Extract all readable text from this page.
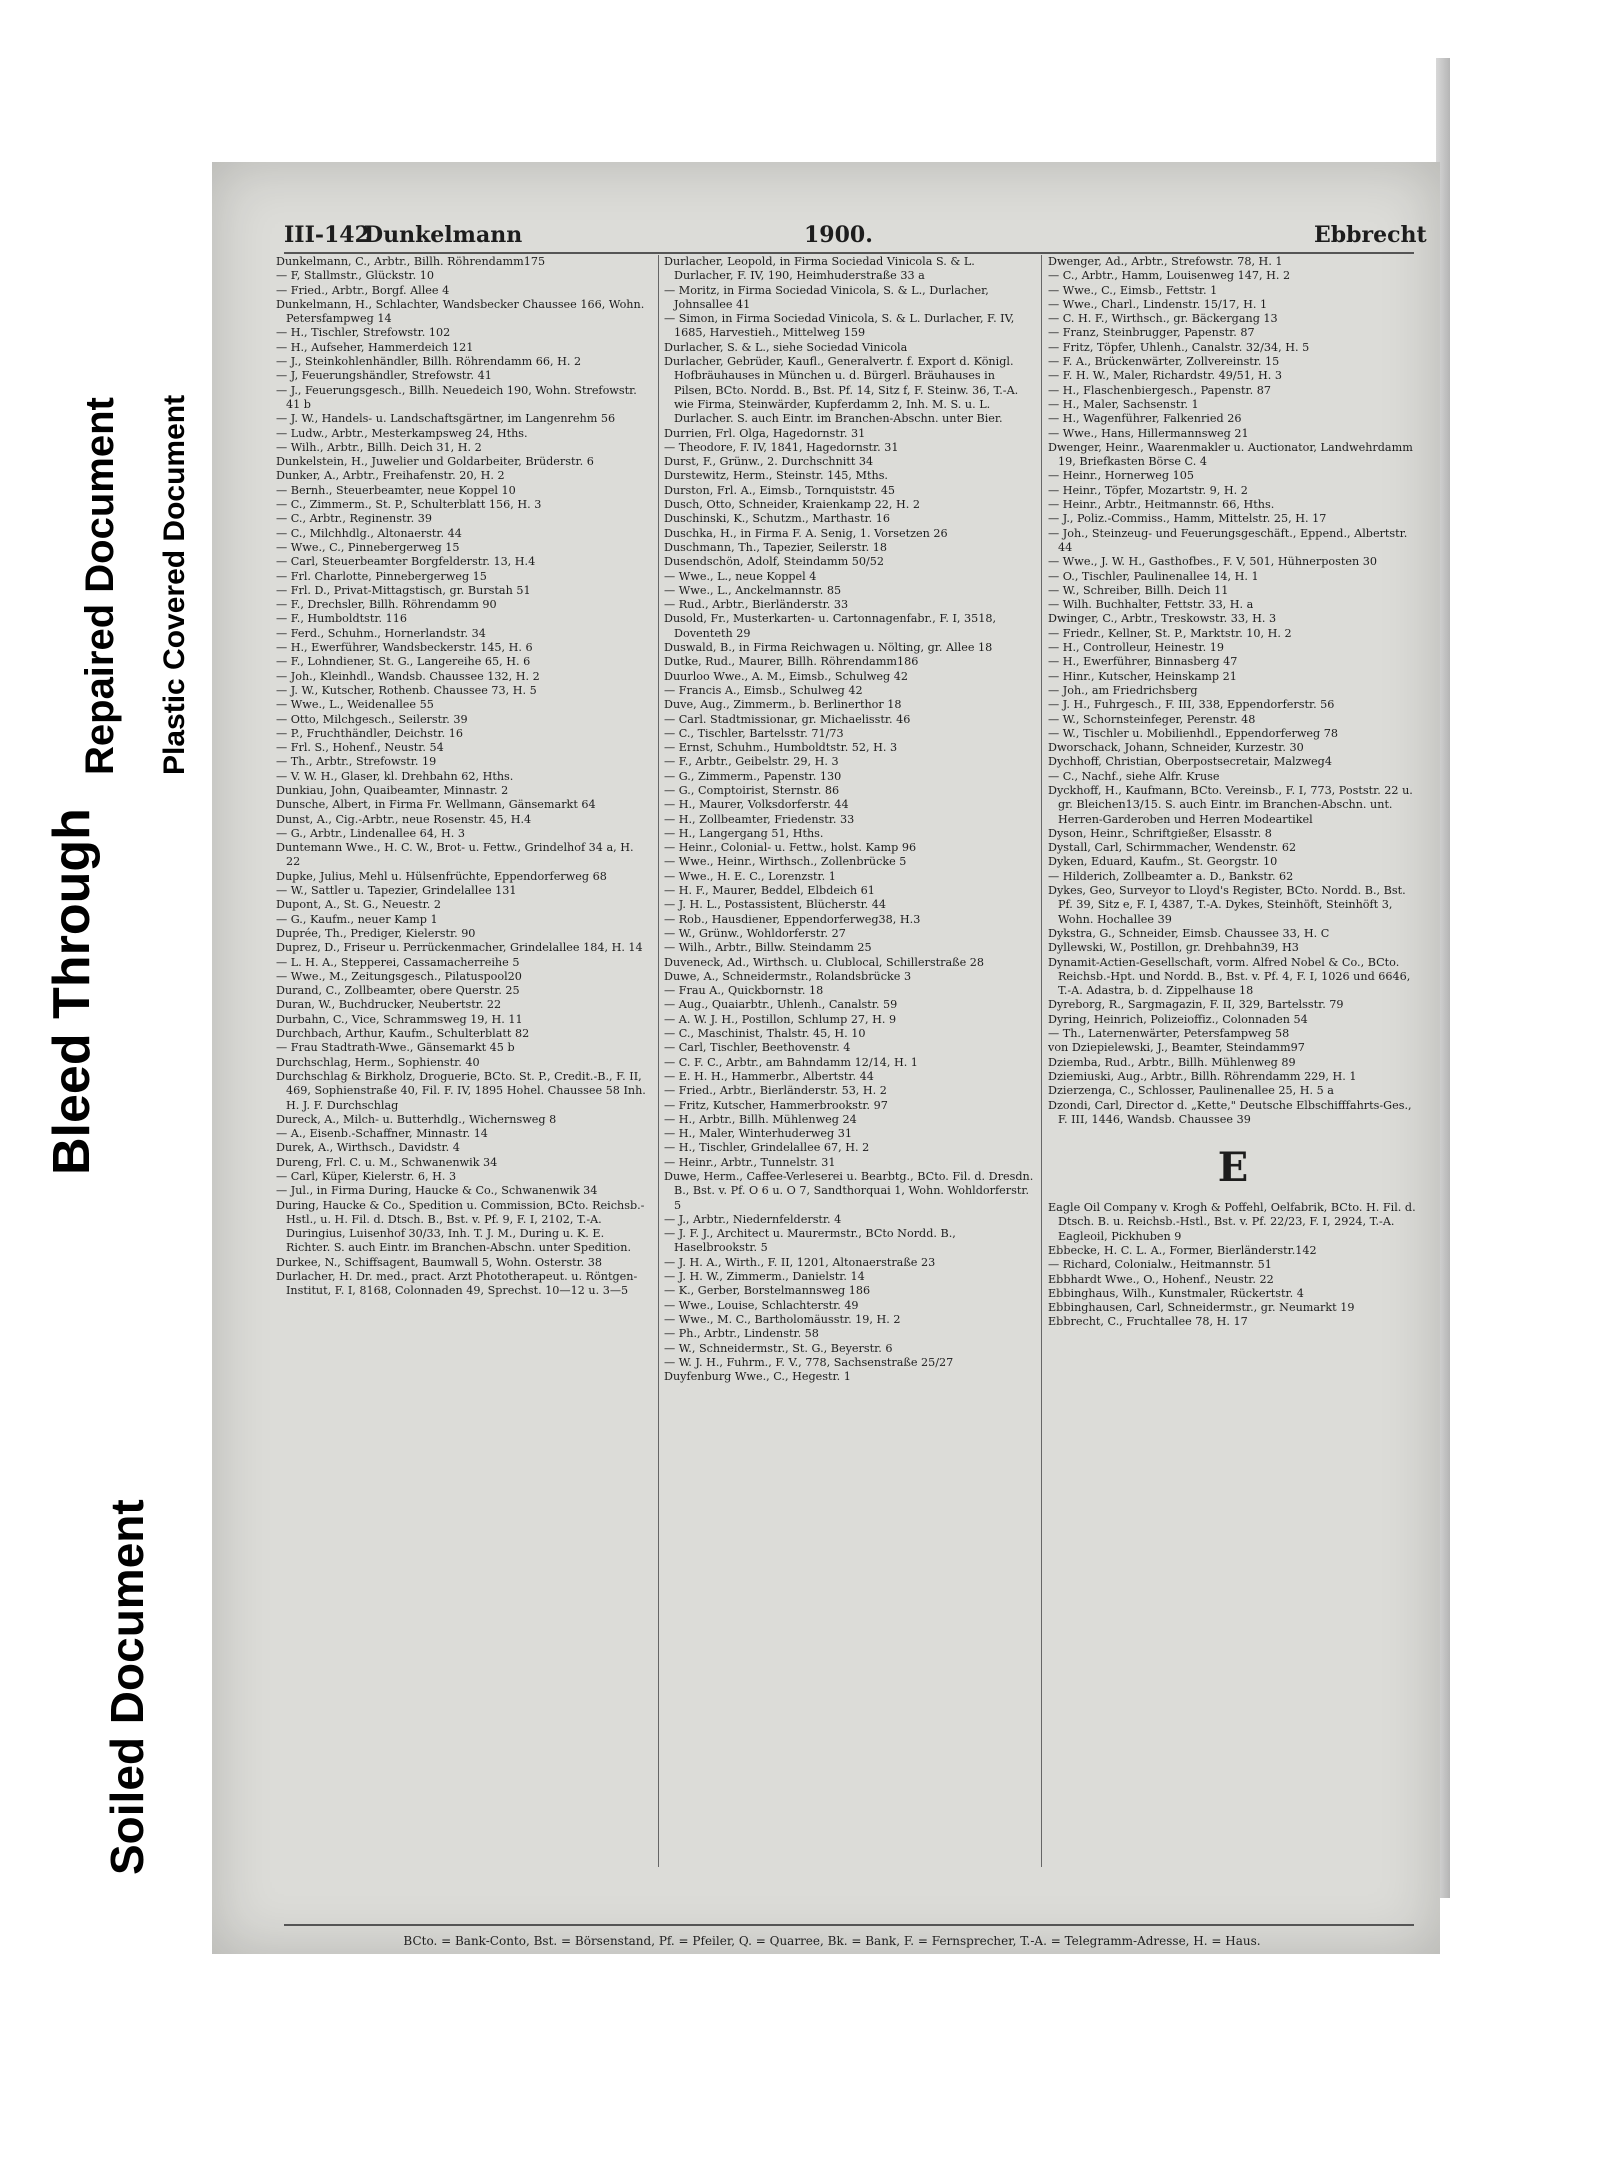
Bleed Through
Soiled Document
Repaired Document Plastic Covered Document
III-142
Dunkelmann	1900.	Ebbrecht
Dunkelmann, C., Arbtr., Billh. Röhrendamm175
— F, Stallmstr., Glückstr. 10
— Fried., Arbtr., Borgf. Allee 4
Dunkelmann, H., Schlachter, Wandsbecker Chaussee 166, Wohn. Petersfampweg 14
— H., Tischler, Strefowstr. 102
— H., Aufseher, Hammerdeich 121
— J., Steinkohlenhändler, Billh. Röhrendamm 66, H. 2
— J, Feuerungshändler, Strefowstr. 41
— J., Feuerungsgesch., Billh. Neuedeich 190, Wohn. Strefowstr. 41 b
— J. W., Handels- u. Landschaftsgärtner, im Langenrehm 56
— Ludw., Arbtr., Mesterkampsweg 24, Hths.
— Wilh., Arbtr., Billh. Deich 31, H. 2
Dunkelstein, H., Juwelier und Goldarbeiter, Brüderstr. 6
Dunker, A., Arbtr., Freihafenstr. 20, H. 2
— Bernh., Steuerbeamter, neue Koppel 10
— C., Zimmerm., St. P., Schulterblatt 156, H. 3
— C., Arbtr., Reginenstr. 39
— C., Milchhdlg., Altonaerstr. 44
— Wwe., C., Pinnebergerweg 15
— Carl, Steuerbeamter Borgfelderstr. 13, H.4
— Frl. Charlotte, Pinnebergerweg 15
— Frl. D., Privat-Mittagstisch, gr. Burstah 51
— F., Drechsler, Billh. Röhrendamm 90
— F., Humboldtstr. 116
— Ferd., Schuhm., Hornerlandstr. 34
— H., Ewerführer, Wandsbeckerstr. 145, H. 6
— F., Lohndiener, St. G., Langereihe 65, H. 6
— Joh., Kleinhdl., Wandsb. Chaussee 132, H. 2
— J. W., Kutscher, Rothenb. Chaussee 73, H. 5
— Wwe., L., Weidenallee 55
— Otto, Milchgesch., Seilerstr. 39
— P., Fruchthändler, Deichstr. 16
— Frl. S., Hohenf., Neustr. 54
— Th., Arbtr., Strefowstr. 19
— V. W. H., Glaser, kl. Drehbahn 62, Hths.
Dunkiau, John, Quaibeamter, Minnastr. 2
Dunsche, Albert, in Firma Fr. Wellmann, Gänsemarkt 64
Dunst, A., Cig.-Arbtr., neue Rosenstr. 45, H.4
— G., Arbtr., Lindenallee 64, H. 3
Duntemann Wwe., H. C. W., Brot- u. Fettw., Grindelhof 34 a, H. 22
Dupke, Julius, Mehl u. Hülsenfrüchte, Eppendorferweg 68
— W., Sattler u. Tapezier, Grindelallee 131
Dupont, A., St. G., Neuestr. 2
— G., Kaufm., neuer Kamp 1
Duprée, Th., Prediger, Kielerstr. 90
Duprez, D., Friseur u. Perrückenmacher, Grindelallee 184, H. 14
— L. H. A., Stepperei, Cassamacherreihe 5
— Wwe., M., Zeitungsgesch., Pilatuspool20
Durand, C., Zollbeamter, obere Querstr. 25
Duran, W., Buchdrucker, Neubertstr. 22
Durbahn, C., Vice, Schrammsweg 19, H. 11
Durchbach, Arthur, Kaufm., Schulterblatt 82
— Frau Stadtrath-Wwe., Gänsemarkt 45 b
Durchschlag, Herm., Sophienstr. 40
Durchschlag & Birkholz, Droguerie, BCto. St. P., Credit.-B., F. II, 469, Sophienstraße 40, Fil. F. IV, 1895 Hohel. Chaussee 58 Inh. H. J. F. Durchschlag
Dureck, A., Milch- u. Butterhdlg., Wichernsweg 8
— A., Eisenb.-Schaffner, Minnastr. 14
Durek, A., Wirthsch., Davidstr. 4
Dureng, Frl. C. u. M., Schwanenwik 34
— Carl, Küper, Kielerstr. 6, H. 3
— Jul., in Firma During, Haucke & Co., Schwanenwik 34
During, Haucke & Co., Spedition u. Commission, BCto. Reichsb.-Hstl., u. H. Fil. d. Dtsch. B., Bst. v. Pf. 9, F. I, 2102, T.-A. Duringius, Luisenhof 30/33, Inh. T. J. M., During u. K. E. Richter. S. auch Eintr. im Branchen-Abschn. unter Spedition.
Durkee, N., Schiffsagent, Baumwall 5, Wohn. Osterstr. 38
Durlacher, H. Dr. med., pract. Arzt Phototherapeut. u. Röntgen-Institut, F. I, 8168, Colonnaden 49, Sprechst. 10—12 u. 3—5
Durlacher, Leopold, in Firma Sociedad Vinicola S. & L. Durlacher, F. IV, 190, Heimhuderstraße 33 a
— Moritz, in Firma Sociedad Vinicola, S. & L., Durlacher, Johnsallee 41
— Simon, in Firma Sociedad Vinicola, S. & L. Durlacher, F. IV, 1685, Harvestieh., Mittelweg 159
Durlacher, S. & L., siehe Sociedad Vinicola
Durlacher, Gebrüder, Kaufl., Generalvertr. f. Export d. Königl. Hofbräuhauses in München u. d. Bürgerl. Bräuhauses in Pilsen, BCto. Nordd. B., Bst. Pf. 14, Sitz f, F. Steinw. 36, T.-A. wie Firma, Steinwärder, Kupferdamm 2, Inh. M. S. u. L. Durlacher. S. auch Eintr. im Branchen-Abschn. unter Bier.
Durrien, Frl. Olga, Hagedornstr. 31
— Theodore, F. IV, 1841, Hagedornstr. 31
Durst, F., Grünw., 2. Durchschnitt 34
Durstewitz, Herm., Steinstr. 145, Mths.
Durston, Frl. A., Eimsb., Tornquiststr. 45
Dusch, Otto, Schneider, Kraienkamp 22, H. 2
Duschinski, K., Schutzm., Marthastr. 16
Duschka, H., in Firma F. A. Senig, 1. Vorsetzen 26
Duschmann, Th., Tapezier, Seilerstr. 18
Dusendschön, Adolf, Steindamm 50/52
— Wwe., L., neue Koppel 4
— Wwe., L., Anckelmannstr. 85
— Rud., Arbtr., Bierländerstr. 33
Dusold, Fr., Musterkarten- u. Cartonnagenfabr., F. I, 3518, Doventeth 29
Duswald, B., in Firma Reichwagen u. Nölting, gr. Allee 18
Dutke, Rud., Maurer, Billh. Röhrendamm186
Duurloo Wwe., A. M., Eimsb., Schulweg 42
— Francis A., Eimsb., Schulweg 42
Duve, Aug., Zimmerm., b. Berlinerthor 18
— Carl. Stadtmissionar, gr. Michaelisstr. 46
— C., Tischler, Bartelsstr. 71/73
— Ernst, Schuhm., Humboldtstr. 52, H. 3
— F., Arbtr., Geibelstr. 29, H. 3
— G., Zimmerm., Papenstr. 130
— G., Comptoirist, Sternstr. 86
— H., Maurer, Volksdorferstr. 44
— H., Zollbeamter, Friedenstr. 33
— H., Langergang 51, Hths.
— Heinr., Colonial- u. Fettw., holst. Kamp 96
— Wwe., Heinr., Wirthsch., Zollenbrücke 5
— Wwe., H. E. C., Lorenzstr. 1
— H. F., Maurer, Beddel, Elbdeich 61
— J. H. L., Postassistent, Blücherstr. 44
— Rob., Hausdiener, Eppendorferweg38, H.3
— W., Grünw., Wohldorferstr. 27
— Wilh., Arbtr., Billw. Steindamm 25
Duveneck, Ad., Wirthsch. u. Clublocal, Schillerstraße 28
Duwe, A., Schneidermstr., Rolandsbrücke 3
— Frau A., Quickbornstr. 18
— Aug., Quaiarbtr., Uhlenh., Canalstr. 59
— A. W. J. H., Postillon, Schlump 27, H. 9
— C., Maschinist, Thalstr. 45, H. 10
— Carl, Tischler, Beethovenstr. 4
— C. F. C., Arbtr., am Bahndamm 12/14, H. 1
— E. H. H., Hammerbr., Albertstr. 44
— Fried., Arbtr., Bierländerstr. 53, H. 2
— Fritz, Kutscher, Hammerbrookstr. 97
— H., Arbtr., Billh. Mühlenweg 24
— H., Maler, Winterhuderweg 31
— H., Tischler, Grindelallee 67, H. 2
— Heinr., Arbtr., Tunnelstr. 31
Duwe, Herm., Caffee-Verleserei u. Bearbtg., BCto. Fil. d. Dresdn. B., Bst. v. Pf. O 6 u. O 7, Sandthorquai 1, Wohn. Wohldorferstr. 5
— J., Arbtr., Niedernfelderstr. 4
— J. F. J., Architect u. Maurermstr., BCto Nordd. B., Haselbrookstr. 5
— J. H. A., Wirth., F. II, 1201, Altonaerstraße 23
— J. H. W., Zimmerm., Danielstr. 14
— K., Gerber, Borstelmannsweg 186
— Wwe., Louise, Schlachterstr. 49
— Wwe., M. C., Bartholomäusstr. 19, H. 2
— Ph., Arbtr., Lindenstr. 58
— W., Schneidermstr., St. G., Beyerstr. 6
— W. J. H., Fuhrm., F. V., 778, Sachsenstraße 25/27
Duyfenburg Wwe., C., Hegestr. 1
Dwenger, Ad., Arbtr., Strefowstr. 78, H. 1
— C., Arbtr., Hamm, Louisenweg 147, H. 2
— Wwe., C., Eimsb., Fettstr. 1
— Wwe., Charl., Lindenstr. 15/17, H. 1
— C. H. F., Wirthsch., gr. Bäckergang 13
— Franz, Steinbrugger, Papenstr. 87
— Fritz, Töpfer, Uhlenh., Canalstr. 32/34, H. 5
— F. A., Brückenwärter, Zollvereinstr. 15
— F. H. W., Maler, Richardstr. 49/51, H. 3
— H., Flaschenbiergesch., Papenstr. 87
— H., Maler, Sachsenstr. 1
— H., Wagenführer, Falkenried 26
— Wwe., Hans, Hillermannsweg 21
Dwenger, Heinr., Waarenmakler u. Auctionator, Landwehrdamm 19, Briefkasten Börse C. 4
— Heinr., Hornerweg 105
— Heinr., Töpfer, Mozartstr. 9, H. 2
— Heinr., Arbtr., Heitmannstr. 66, Hths.
— J., Poliz.-Commiss., Hamm, Mittelstr. 25, H. 17
— Joh., Steinzeug- und Feuerungsgeschäft., Eppend., Albertstr. 44
— Wwe., J. W. H., Gasthofbes., F. V, 501, Hühnerposten 30
— O., Tischler, Paulinenallee 14, H. 1
— W., Schreiber, Billh. Deich 11
— Wilh. Buchhalter, Fettstr. 33, H. a
Dwinger, C., Arbtr., Treskowstr. 33, H. 3
— Friedr., Kellner, St. P., Marktstr. 10, H. 2
— H., Controlleur, Heinestr. 19
— H., Ewerführer, Binnasberg 47
— Hinr., Kutscher, Heinskamp 21
— Joh., am Friedrichsberg
— J. H., Fuhrgesch., F. III, 338, Eppendorferstr. 56
— W., Schornsteinfeger, Perenstr. 48
— W., Tischler u. Mobilienhdl., Eppendorferweg 78
Dworschack, Johann, Schneider, Kurzestr. 30
Dychhoff, Christian, Oberpostsecretair, Malzweg4
— C., Nachf., siehe Alfr. Kruse
Dyckhoff, H., Kaufmann, BCto. Vereinsb., F. I, 773, Poststr. 22 u. gr. Bleichen13/15. S. auch Eintr. im Branchen-Abschn. unt. Herren-Garderoben und Herren Modeartikel
Dyson, Heinr., Schriftgießer, Elsasstr. 8
Dystall, Carl, Schirmmacher, Wendenstr. 62
Dyken, Eduard, Kaufm., St. Georgstr. 10
— Hilderich, Zollbeamter a. D., Bankstr. 62
Dykes, Geo, Surveyor to Lloyd's Register, BCto. Nordd. B., Bst. Pf. 39, Sitz e, F. I, 4387, T.-A. Dykes, Steinhöft, Steinhöft 3, Wohn. Hochallee 39
Dykstra, G., Schneider, Eimsb. Chaussee 33, H. C
Dyllewski, W., Postillon, gr. Drehbahn39, H3
Dynamit-Actien-Gesellschaft, vorm. Alfred Nobel & Co., BCto. Reichsb.-Hpt. und Nordd. B., Bst. v. Pf. 4, F. I, 1026 und 6646, T.-A. Adastra, b. d. Zippelhause 18
Dyreborg, R., Sargmagazin, F. II, 329, Bartelsstr. 79
Dyring, Heinrich, Polizeioffiz., Colonnaden 54
— Th., Laternenwärter, Petersfampweg 58
von Dziepielewski, J., Beamter, Steindamm97
Dziemba, Rud., Arbtr., Billh. Mühlenweg 89
Dziemiuski, Aug., Arbtr., Billh. Röhrendamm 229, H. 1
Dzierzenga, C., Schlosser, Paulinenallee 25, H. 5 a
Dzondi, Carl, Director d. „Kette," Deutsche Elbschifffahrts-Ges., F. III, 1446, Wandsb. Chaussee 39
E
Eagle Oil Company v. Krogh & Poffehl, Oelfabrik, BCto. H. Fil. d. Dtsch. B. u. Reichsb.-Hstl., Bst. v. Pf. 22/23, F. I, 2924, T.-A. Eagleoil, Pickhuben 9
Ebbecke, H. C. L. A., Former, Bierländerstr.142
— Richard, Colonialw., Heitmannstr. 51
Ebbhardt Wwe., O., Hohenf., Neustr. 22
Ebbinghaus, Wilh., Kunstmaler, Rückertstr. 4
Ebbinghausen, Carl, Schneidermstr., gr. Neumarkt 19
Ebbrecht, C., Fruchtallee 78, H. 17
BCto. = Bank-Conto, Bst. = Börsenstand, Pf. = Pfeiler, Q. = Quarree, Bk. = Bank, F. = Fernsprecher, T.-A. = Telegramm-Adresse, H. = Haus.
